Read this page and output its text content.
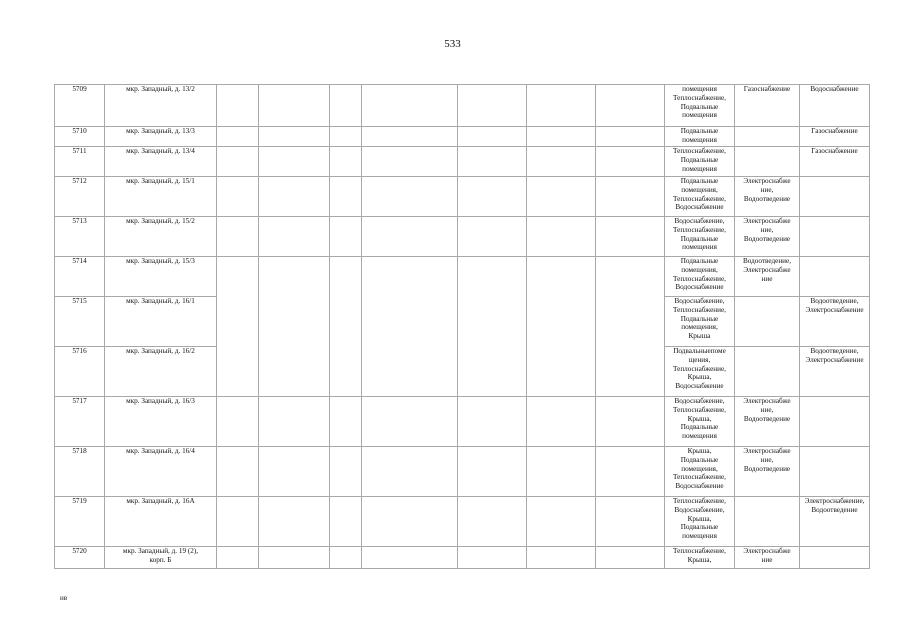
533
5709	мкр. Западный, д. 13/2								помещения
Теплоснабжение,
Подвальные
помещения	Газоснабжение	Водоснабжение

5710	мкр. Западный, д. 13/3								Подвальные
помещения		Газоснабжение

5711	мкр. Западный, д. 13/4								Теплоснабжение,
Подвальные
помещения		Газоснабжение

5712	мкр. Западный, д. 15/1								Подвальные
помещения,
Теплоснабжение,
Водоснабжение	Электроснабже
ние,
Водоотведение	

5713	мкр. Западный, д. 15/2								Водоснабжение,
Теплоснабжение,
Подвальные
помещения	Электроснабже
ние,
Водоотведение	

5714	мкр. Западный, д. 15/3								Подвальные
помещения,
Теплоснабжение,
Водоснабжение	Водоотведение,
Электроснабже
ние	

5715	мкр. Западный, д. 16/1								Водоснабжение,
Теплоснабжение,
Подвальные
помещения,
Крыша		Водоотведение,
Электроснабжение

5716	мкр. Западный, д. 16/2								Подвальныепоме
щения,
Теплоснабжение,
Крыша,
Водоснабжение		Водоотведение,
Электроснабжение

5717	мкр. Западный, д. 16/3								Водоснабжение,
Теплоснабжение,
Крыша,
Подвальные
помещения	Электроснабже
ние,
Водоотведение	

5718	мкр. Западный, д. 16/4								Крыша,
Подвальные
помещения,
Теплоснабжение,
Водоснабжение	Электроснабже
ние,
Водоотведение	

5719	мкр. Западный, д. 16А								Теплоснабжение,
Водоснабжение,
Крыша,
Подвальные
помещения		Электроснабжение,
Водоотведение

5720	мкр. Западный, д. 19 (2),
корп. Б								Теплоснабжение,
Крыша,	Электроснабже
ние	

нв
